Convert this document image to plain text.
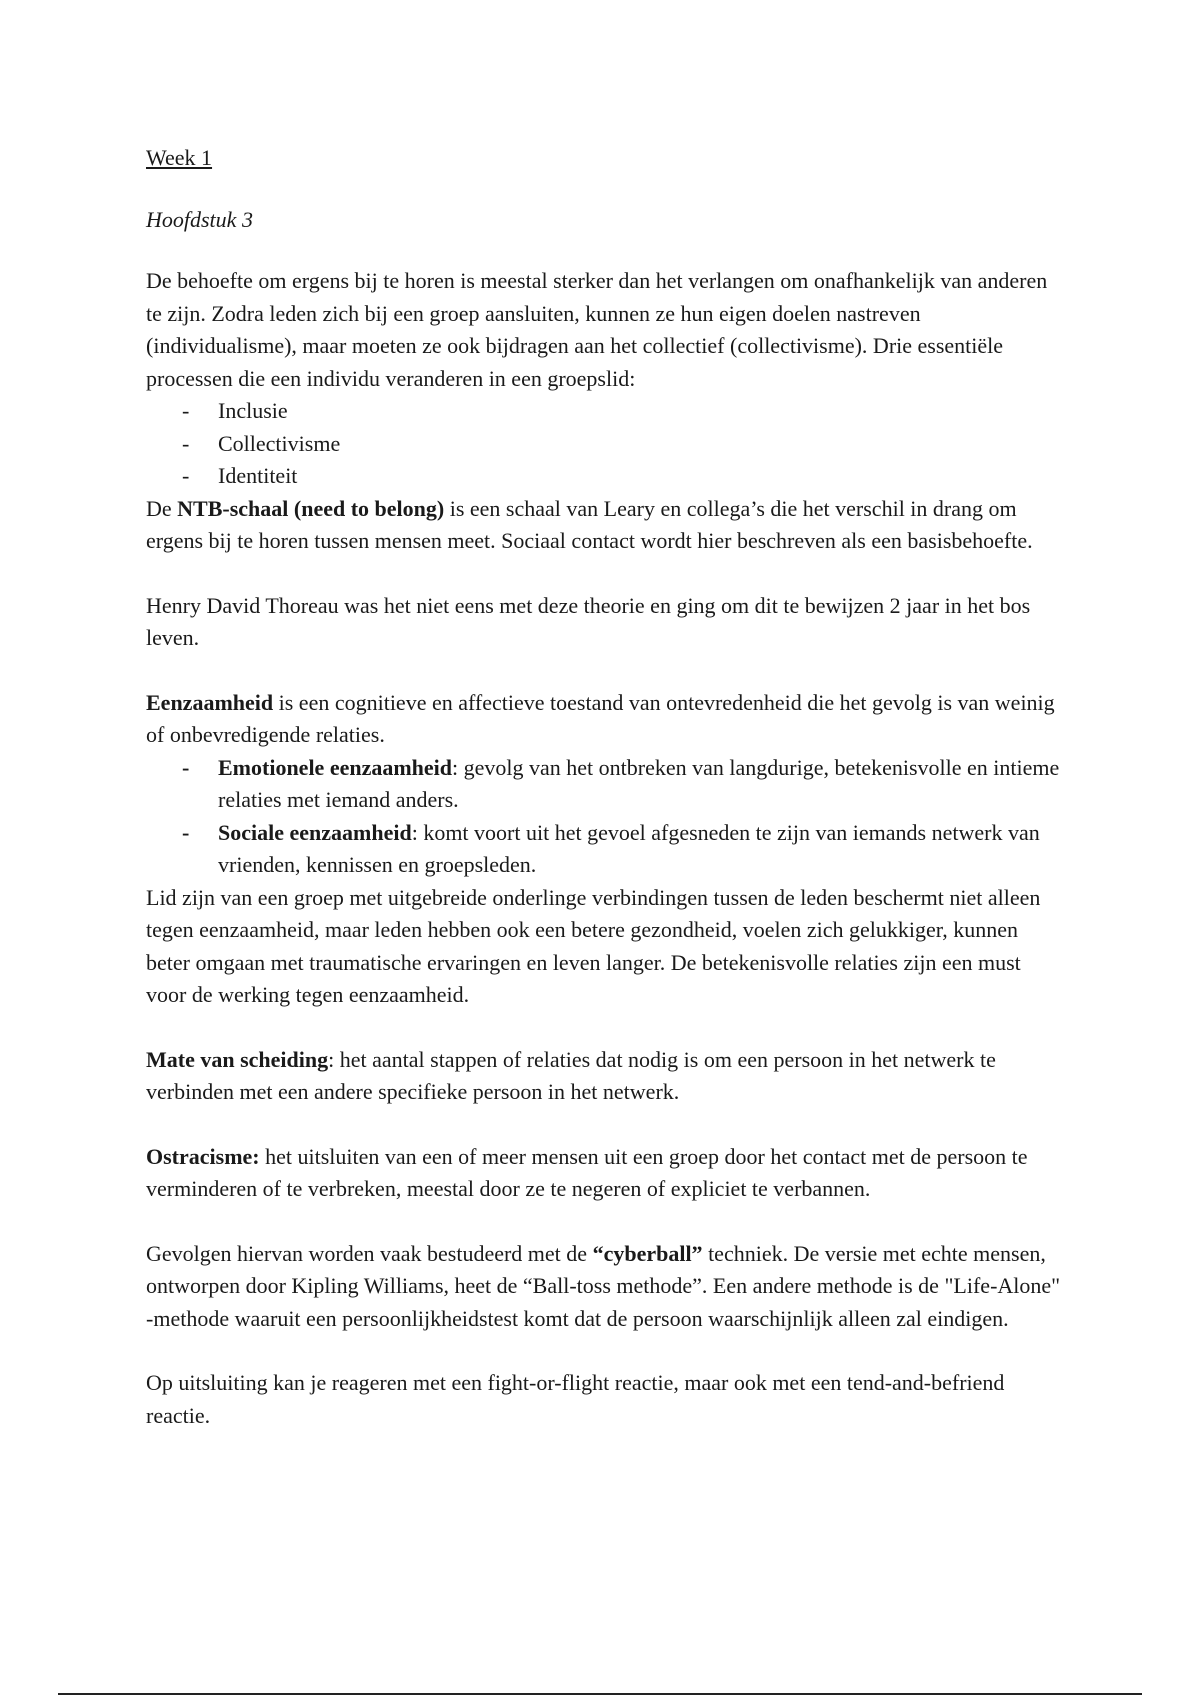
Week 1
Hoofdstuk 3
De behoefte om ergens bij te horen is meestal sterker dan het verlangen om onafhankelijk van anderen te zijn. Zodra leden zich bij een groep aansluiten, kunnen ze hun eigen doelen nastreven (individualisme), maar moeten ze ook bijdragen aan het collectief (collectivisme). Drie essentiële processen die een individu veranderen in een groepslid:
- Inclusie
- Collectivisme
- Identiteit

De NTB-schaal (need to belong) is een schaal van Leary en collega’s die het verschil in drang om ergens bij te horen tussen mensen meet. Sociaal contact wordt hier beschreven als een basisbehoefte.

Henry David Thoreau was het niet eens met deze theorie en ging om dit te bewijzen 2 jaar in het bos leven.

Eenzaamheid is een cognitieve en affectieve toestand van ontevredenheid die het gevolg is van weinig of onbevredigende relaties.
- Emotionele eenzaamheid: gevolg van het ontbreken van langdurige, betekenisvolle en intieme relaties met iemand anders.
- Sociale eenzaamheid: komt voort uit het gevoel afgesneden te zijn van iemands netwerk van vrienden, kennissen en groepsleden.

Lid zijn van een groep met uitgebreide onderlinge verbindingen tussen de leden beschermt niet alleen tegen eenzaamheid, maar leden hebben ook een betere gezondheid, voelen zich gelukkiger, kunnen beter omgaan met traumatische ervaringen en leven langer. De betekenisvolle relaties zijn een must voor de werking tegen eenzaamheid.

Mate van scheiding: het aantal stappen of relaties dat nodig is om een persoon in het netwerk te verbinden met een andere specifieke persoon in het netwerk.

Ostracisme: het uitsluiten van een of meer mensen uit een groep door het contact met de persoon te verminderen of te verbreken, meestal door ze te negeren of expliciet te verbannen.

Gevolgen hiervan worden vaak bestudeerd met de “cyberball” techniek. De versie met echte mensen, ontworpen door Kipling Williams, heet de “Ball-toss methode”. Een andere methode is de "Life-Alone" -methode waaruit een persoonlijkheidstest komt dat de persoon waarschijnlijk alleen zal eindigen.

Op uitsluiting kan je reageren met een fight-or-flight reactie, maar ook met een tend-and-befriend reactie.
